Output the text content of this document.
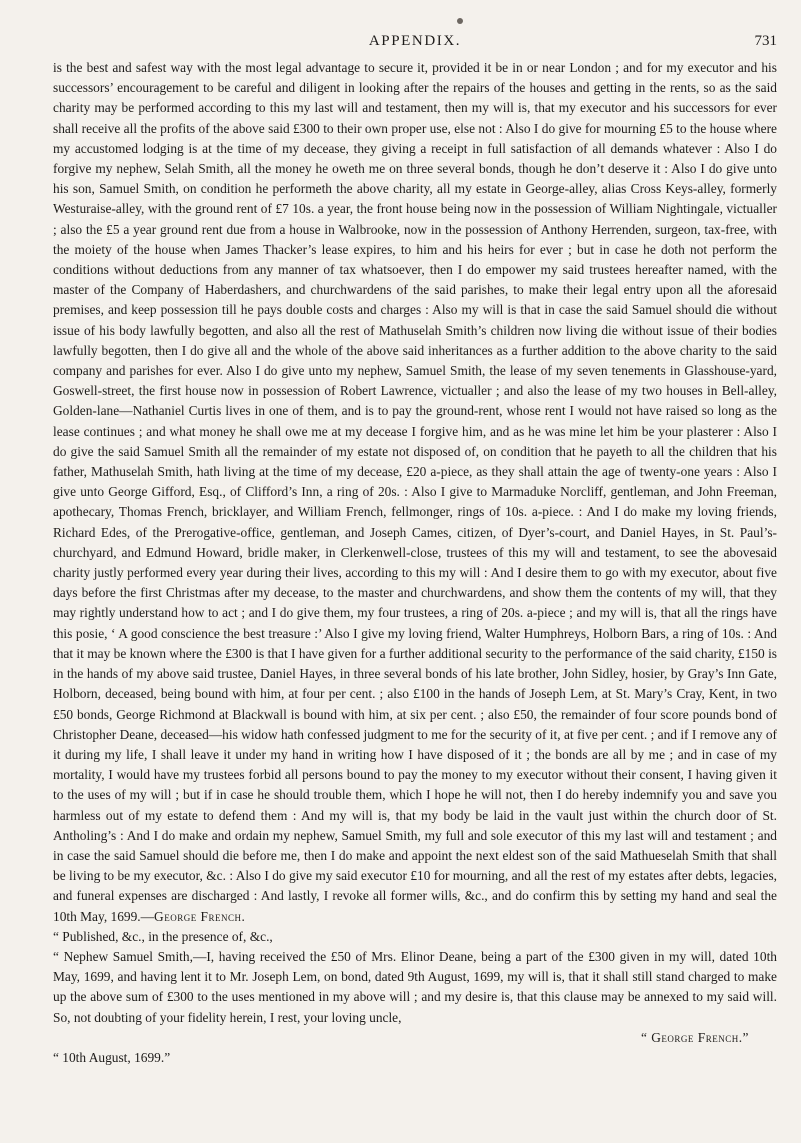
APPENDIX.	731

is the best and safest way with the most legal advantage to secure it, provided it be in or near London ; and for my executor and his successors’ encouragement to be careful and diligent in looking after the repairs of the houses and getting in the rents, so as the said charity may be performed according to this my last will and testament, then my will is, that my executor and his successors for ever shall receive all the profits of the above said £300 to their own proper use, else not : Also I do give for mourning £5 to the house where my accustomed lodging is at the time of my decease, they giving a receipt in full satisfaction of all demands whatever : Also I do forgive my nephew, Selah Smith, all the money he oweth me on three several bonds, though he don’t deserve it : Also I do give unto his son, Samuel Smith, on condition he performeth the above charity, all my estate in George-alley, alias Cross Keys-alley, formerly Westuraise-alley, with the ground rent of £7 10s. a year, the front house being now in the possession of William Nightingale, victualler ; also the £5 a year ground rent due from a house in Walbrooke, now in the possession of Anthony Herrenden, surgeon, tax-free, with the moiety of the house when James Thacker’s lease expires, to him and his heirs for ever ; but in case he doth not perform the conditions without deductions from any manner of tax whatsoever, then I do empower my said trustees hereafter named, with the master of the Company of Haberdashers, and churchwardens of the said parishes, to make their legal entry upon all the aforesaid premises, and keep possession till he pays double costs and charges : Also my will is that in case the said Samuel should die without issue of his body lawfully begotten, and also all the rest of Mathuselah Smith’s children now living die without issue of their bodies lawfully begotten, then I do give all and the whole of the above said inheritances as a further addition to the above charity to the said company and parishes for ever. Also I do give unto my nephew, Samuel Smith, the lease of my seven tenements in Glasshouse-yard, Goswell-street, the first house now in possession of Robert Lawrence, victualler ; and also the lease of my two houses in Bell-alley, Golden-lane—Nathaniel Curtis lives in one of them, and is to pay the ground-rent, whose rent I would not have raised so long as the lease continues ; and what money he shall owe me at my decease I forgive him, and as he was mine let him be your plasterer : Also I do give the said Samuel Smith all the remainder of my estate not disposed of, on condition that he payeth to all the children that his father, Mathuselah Smith, hath living at the time of my decease, £20 a-piece, as they shall attain the age of twenty-one years : Also I give unto George Gifford, Esq., of Clifford’s Inn, a ring of 20s. : Also I give to Marmaduke Norcliff, gentleman, and John Freeman, apothecary, Thomas French, bricklayer, and William French, fellmonger, rings of 10s. a-piece. : And I do make my loving friends, Richard Edes, of the Prerogative-office, gentleman, and Joseph Cames, citizen, of Dyer’s-court, and Daniel Hayes, in St. Paul’s-churchyard, and Edmund Howard, bridle maker, in Clerkenwell-close, trustees of this my will and testament, to see the abovesaid charity justly performed every year during their lives, according to this my will : And I desire them to go with my executor, about five days before the first Christmas after my decease, to the master and churchwardens, and show them the contents of my will, that they may rightly understand how to act ; and I do give them, my four trustees, a ring of 20s. a-piece ; and my will is, that all the rings have this posie, ‘ A good conscience the best treasure :’ Also I give my loving friend, Walter Humphreys, Holborn Bars, a ring of 10s. : And that it may be known where the £300 is that I have given for a further additional security to the performance of the said charity, £150 is in the hands of my above said trustee, Daniel Hayes, in three several bonds of his late brother, John Sidley, hosier, by Gray’s Inn Gate, Holborn, deceased, being bound with him, at four per cent. ; also £100 in the hands of Joseph Lem, at St. Mary’s Cray, Kent, in two £50 bonds, George Richmond at Blackwall is bound with him, at six per cent. ; also £50, the remainder of four score pounds bond of Christopher Deane, deceased—his widow hath confessed judgment to me for the security of it, at five per cent. ; and if I remove any of it during my life, I shall leave it under my hand in writing how I have disposed of it ; the bonds are all by me ; and in case of my mortality, I would have my trustees forbid all persons bound to pay the money to my executor without their consent, I having given it to the uses of my will ; but if in case he should trouble them, which I hope he will not, then I do hereby indemnify you and save you harmless out of my estate to defend them : And my will is, that my body be laid in the vault just within the church door of St. Antholing’s : And I do make and ordain my nephew, Samuel Smith, my full and sole executor of this my last will and testament ; and in case the said Samuel should die before me, then I do make and appoint the next eldest son of the said Mathueselah Smith that shall be living to be my executor, &c. : Also I do give my said executor £10 for mourning, and all the rest of my estates after debts, legacies, and funeral expenses are discharged : And lastly, I revoke all former wills, &c., and do confirm this by setting my hand and seal the 10th May, 1699.—George French.

“ Published, &c., in the presence of, &c.,

“ Nephew Samuel Smith,—I, having received the £50 of Mrs. Elinor Deane, being a part of the £300 given in my will, dated 10th May, 1699, and having lent it to Mr. Joseph Lem, on bond, dated 9th August, 1699, my will is, that it shall still stand charged to make up the above sum of £300 to the uses mentioned in my above will ; and my desire is, that this clause may be annexed to my said will. So, not doubting of your fidelity herein, I rest, your loving uncle,

“ George French.”

“ 10th August, 1699.”
